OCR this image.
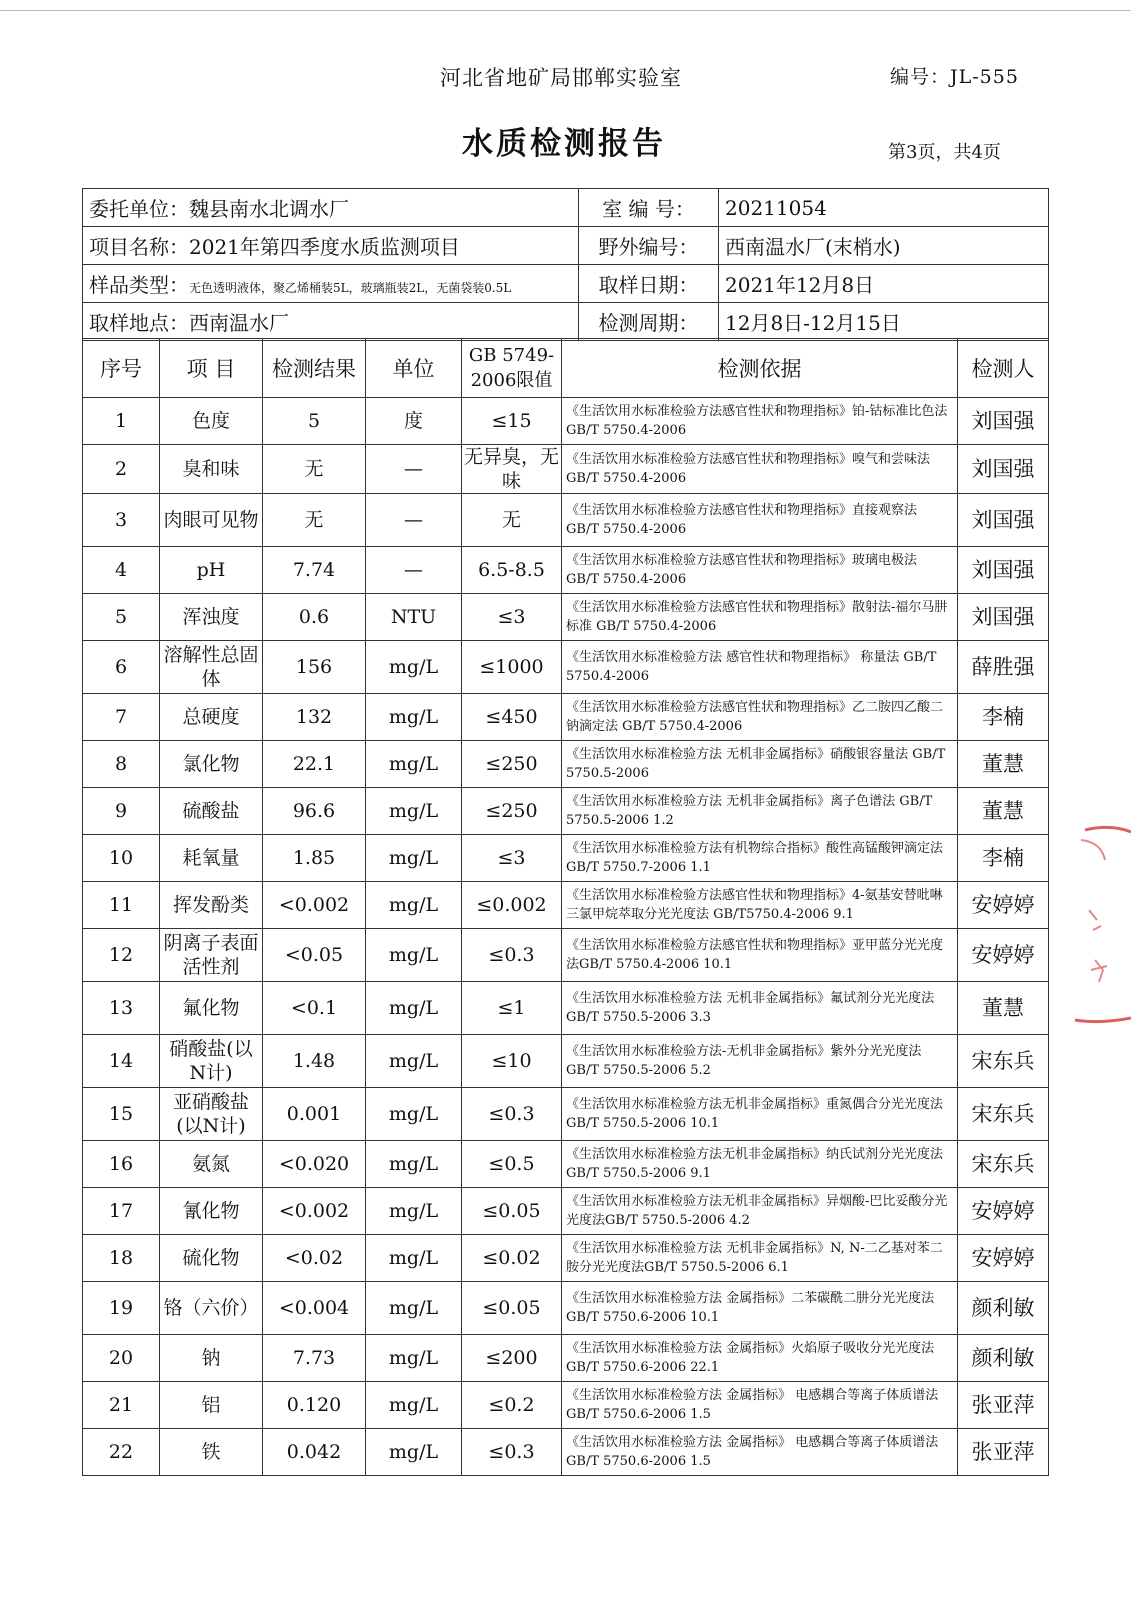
河北省地矿局邯郸实验室	编号：JL-555
水质检测报告	第3页，共4页
委托单位：魏县南水北调水厂	室 编 号：	20211054
项目名称：2021年第四季度水质监测项目	野外编号：	西南温水厂(末梢水)
样品类型：无色透明液体，聚乙烯桶装5L，玻璃瓶装2L，无菌袋装0.5L	取样日期：	2021年12月8日
取样地点：西南温水厂	检测周期：	12月8日-12月15日
序号	项 目	检测结果	单位	GB 5749-2006限值	检测依据	检测人
1	色度	5	度	≤15	《生活饮用水标准检验方法感官性状和物理指标》铂-钴标准比色法 GB/T 5750.4-2006	刘国强
2	臭和味	无	—	无异臭，无味	《生活饮用水标准检验方法感官性状和物理指标》嗅气和尝味法 GB/T 5750.4-2006	刘国强
3	肉眼可见物	无	—	无	《生活饮用水标准检验方法感官性状和物理指标》直接观察法 GB/T 5750.4-2006	刘国强
4	pH	7.74	—	6.5-8.5	《生活饮用水标准检验方法感官性状和物理指标》玻璃电极法 GB/T 5750.4-2006	刘国强
5	浑浊度	0.6	NTU	≤3	《生活饮用水标准检验方法感官性状和物理指标》散射法-福尔马肼标准 GB/T 5750.4-2006	刘国强
6	溶解性总固体	156	mg/L	≤1000	《生活饮用水标准检验方法 感官性状和物理指标》 称量法 GB/T 5750.4-2006	薛胜强
7	总硬度	132	mg/L	≤450	《生活饮用水标准检验方法感官性状和物理指标》乙二胺四乙酸二钠滴定法 GB/T 5750.4-2006	李楠
8	氯化物	22.1	mg/L	≤250	《生活饮用水标准检验方法 无机非金属指标》硝酸银容量法 GB/T 5750.5-2006	董慧
9	硫酸盐	96.6	mg/L	≤250	《生活饮用水标准检验方法 无机非金属指标》离子色谱法 GB/T 5750.5-2006 1.2	董慧
10	耗氧量	1.85	mg/L	≤3	《生活饮用水标准检验方法有机物综合指标》酸性高锰酸钾滴定法 GB/T 5750.7-2006 1.1	李楠
11	挥发酚类	<0.002	mg/L	≤0.002	《生活饮用水标准检验方法感官性状和物理指标》4-氨基安替吡啉三氯甲烷萃取分光光度法 GB/T5750.4-2006 9.1	安婷婷
12	阴离子表面活性剂	<0.05	mg/L	≤0.3	《生活饮用水标准检验方法感官性状和物理指标》亚甲蓝分光光度法GB/T 5750.4-2006 10.1	安婷婷
13	氟化物	<0.1	mg/L	≤1	《生活饮用水标准检验方法 无机非金属指标》氟试剂分光光度法GB/T 5750.5-2006 3.3	董慧
14	硝酸盐(以N计)	1.48	mg/L	≤10	《生活饮用水标准检验方法-无机非金属指标》紫外分光光度法GB/T 5750.5-2006 5.2	宋东兵
15	亚硝酸盐(以N计)	0.001	mg/L	≤0.3	《生活饮用水标准检验方法无机非金属指标》重氮偶合分光光度法GB/T 5750.5-2006 10.1	宋东兵
16	氨氮	<0.020	mg/L	≤0.5	《生活饮用水标准检验方法无机非金属指标》纳氏试剂分光光度法GB/T 5750.5-2006 9.1	宋东兵
17	氰化物	<0.002	mg/L	≤0.05	《生活饮用水标准检验方法无机非金属指标》异烟酸-巴比妥酸分光光度法GB/T 5750.5-2006 4.2	安婷婷
18	硫化物	<0.02	mg/L	≤0.02	《生活饮用水标准检验方法 无机非金属指标》N, N-二乙基对苯二胺分光光度法GB/T 5750.5-2006 6.1	安婷婷
19	铬（六价）	<0.004	mg/L	≤0.05	《生活饮用水标准检验方法 金属指标》二苯碳酰二肼分光光度法GB/T 5750.6-2006 10.1	颜利敏
20	钠	7.73	mg/L	≤200	《生活饮用水标准检验方法 金属指标》火焰原子吸收分光光度法GB/T 5750.6-2006 22.1	颜利敏
21	铝	0.120	mg/L	≤0.2	《生活饮用水标准检验方法 金属指标》 电感耦合等离子体质谱法 GB/T 5750.6-2006 1.5	张亚萍
22	铁	0.042	mg/L	≤0.3	《生活饮用水标准检验方法 金属指标》 电感耦合等离子体质谱法 GB/T 5750.6-2006 1.5	张亚萍
